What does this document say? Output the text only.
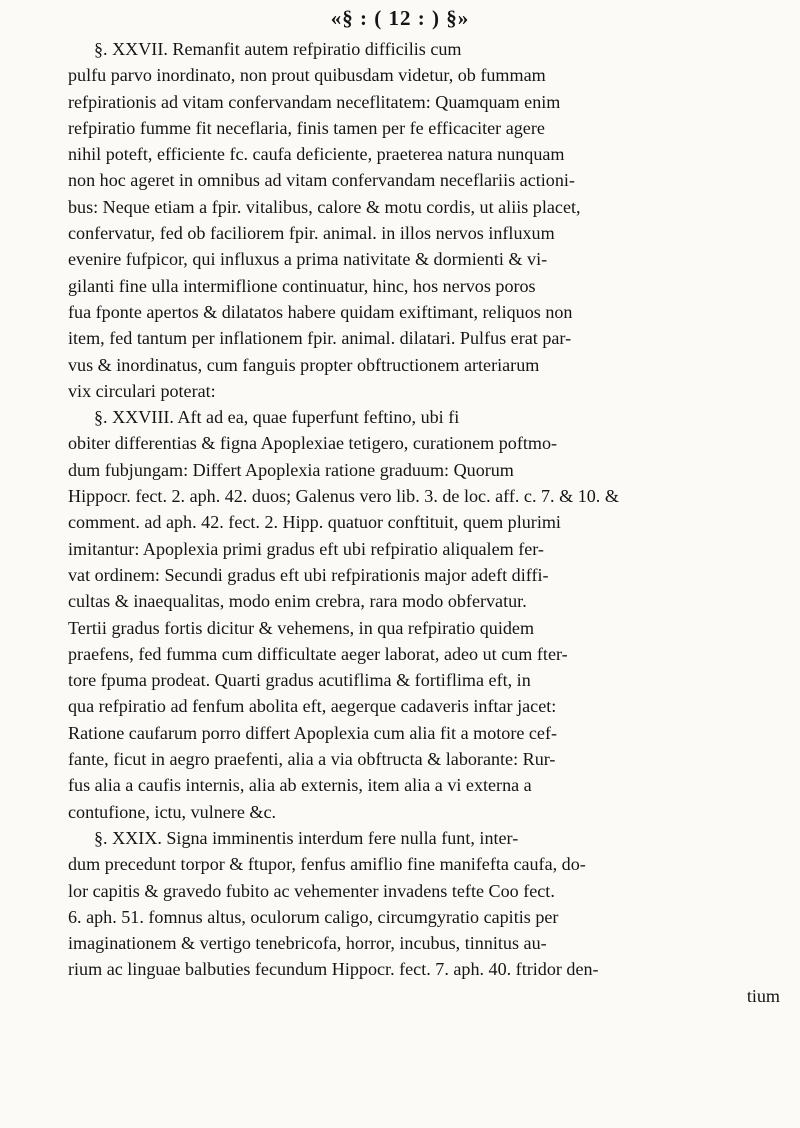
«§ : ( 12 : ) §»
§. XXVII. Remanfit autem refpiratio difficilis cum
pulfu parvo inordinato, non prout quibusdam videtur, ob fummam
refpirationis ad vitam confervandam neceflitatem: Quamquam enim
refpiratio fumme fit neceflaria, finis tamen per fe efficaciter agere
nihil poteft, efficiente fc. caufa deficiente, praeterea natura nunquam
non hoc ageret in omnibus ad vitam confervandam neceflariis actioni-
bus: Neque etiam a fpir. vitalibus, calore & motu cordis, ut aliis placet,
confervatur, fed ob faciliorem fpir. animal. in illos nervos influxum
evenire fufpicor, qui influxus a prima nativitate & dormienti & vi-
gilanti fine ulla intermiflione continuatur, hinc, hos nervos poros
fua fponte apertos & dilatatos habere quidam exiftimant, reliquos non
item, fed tantum per inflationem fpir. animal. dilatari. Pulfus erat par-
vus & inordinatus, cum fanguis propter obftructionem arteriarum
vix circulari poterat:
§. XXVIII. Aft ad ea, quae fuperfunt feftino, ubi fi
obiter differentias & figna Apoplexiae tetigero, curationem poftmo-
dum fubjungam: Differt Apoplexia ratione graduum: Quorum
Hippocr. fect. 2. aph. 42. duos; Galenus vero lib. 3. de loc. aff. c. 7. & 10. &
comment. ad aph. 42. fect. 2. Hipp. quatuor conftituit, quem plurimi
imitantur: Apoplexia primi gradus eft ubi refpiratio aliqualem fer-
vat ordinem: Secundi gradus eft ubi refpirationis major adeft diffi-
cultas & inaequalitas, modo enim crebra, rara modo obfervatur.
Tertii gradus fortis dicitur & vehemens, in qua refpiratio quidem
praefens, fed fumma cum difficultate aeger laborat, adeo ut cum fter-
tore fpuma prodeat. Quarti gradus acutiflima & fortiflima eft, in
qua refpiratio ad fenfum abolita eft, aegerque cadaveris inftar jacet:
Ratione caufarum porro differt Apoplexia cum alia fit a motore cef-
fante, ficut in aegro praefenti, alia a via obftructa & laborante: Rur-
fus alia a caufis internis, alia ab externis, item alia a vi externa a
contufione, ictu, vulnere &c.
§. XXIX. Signa imminentis interdum fere nulla funt, inter-
dum precedunt torpor & ftupor, fenfus amiflio fine manifefta caufa, do-
lor capitis & gravedo fubito ac vehementer invadens tefte Coo fect.
6. aph. 51. fomnus altus, oculorum caligo, circumgyratio capitis per
imaginationem & vertigo tenebricofa, horror, incubus, tinnitus au-
rium ac linguae balbuties fecundum Hippocr. fect. 7. aph. 40. ftridor den-
tium
